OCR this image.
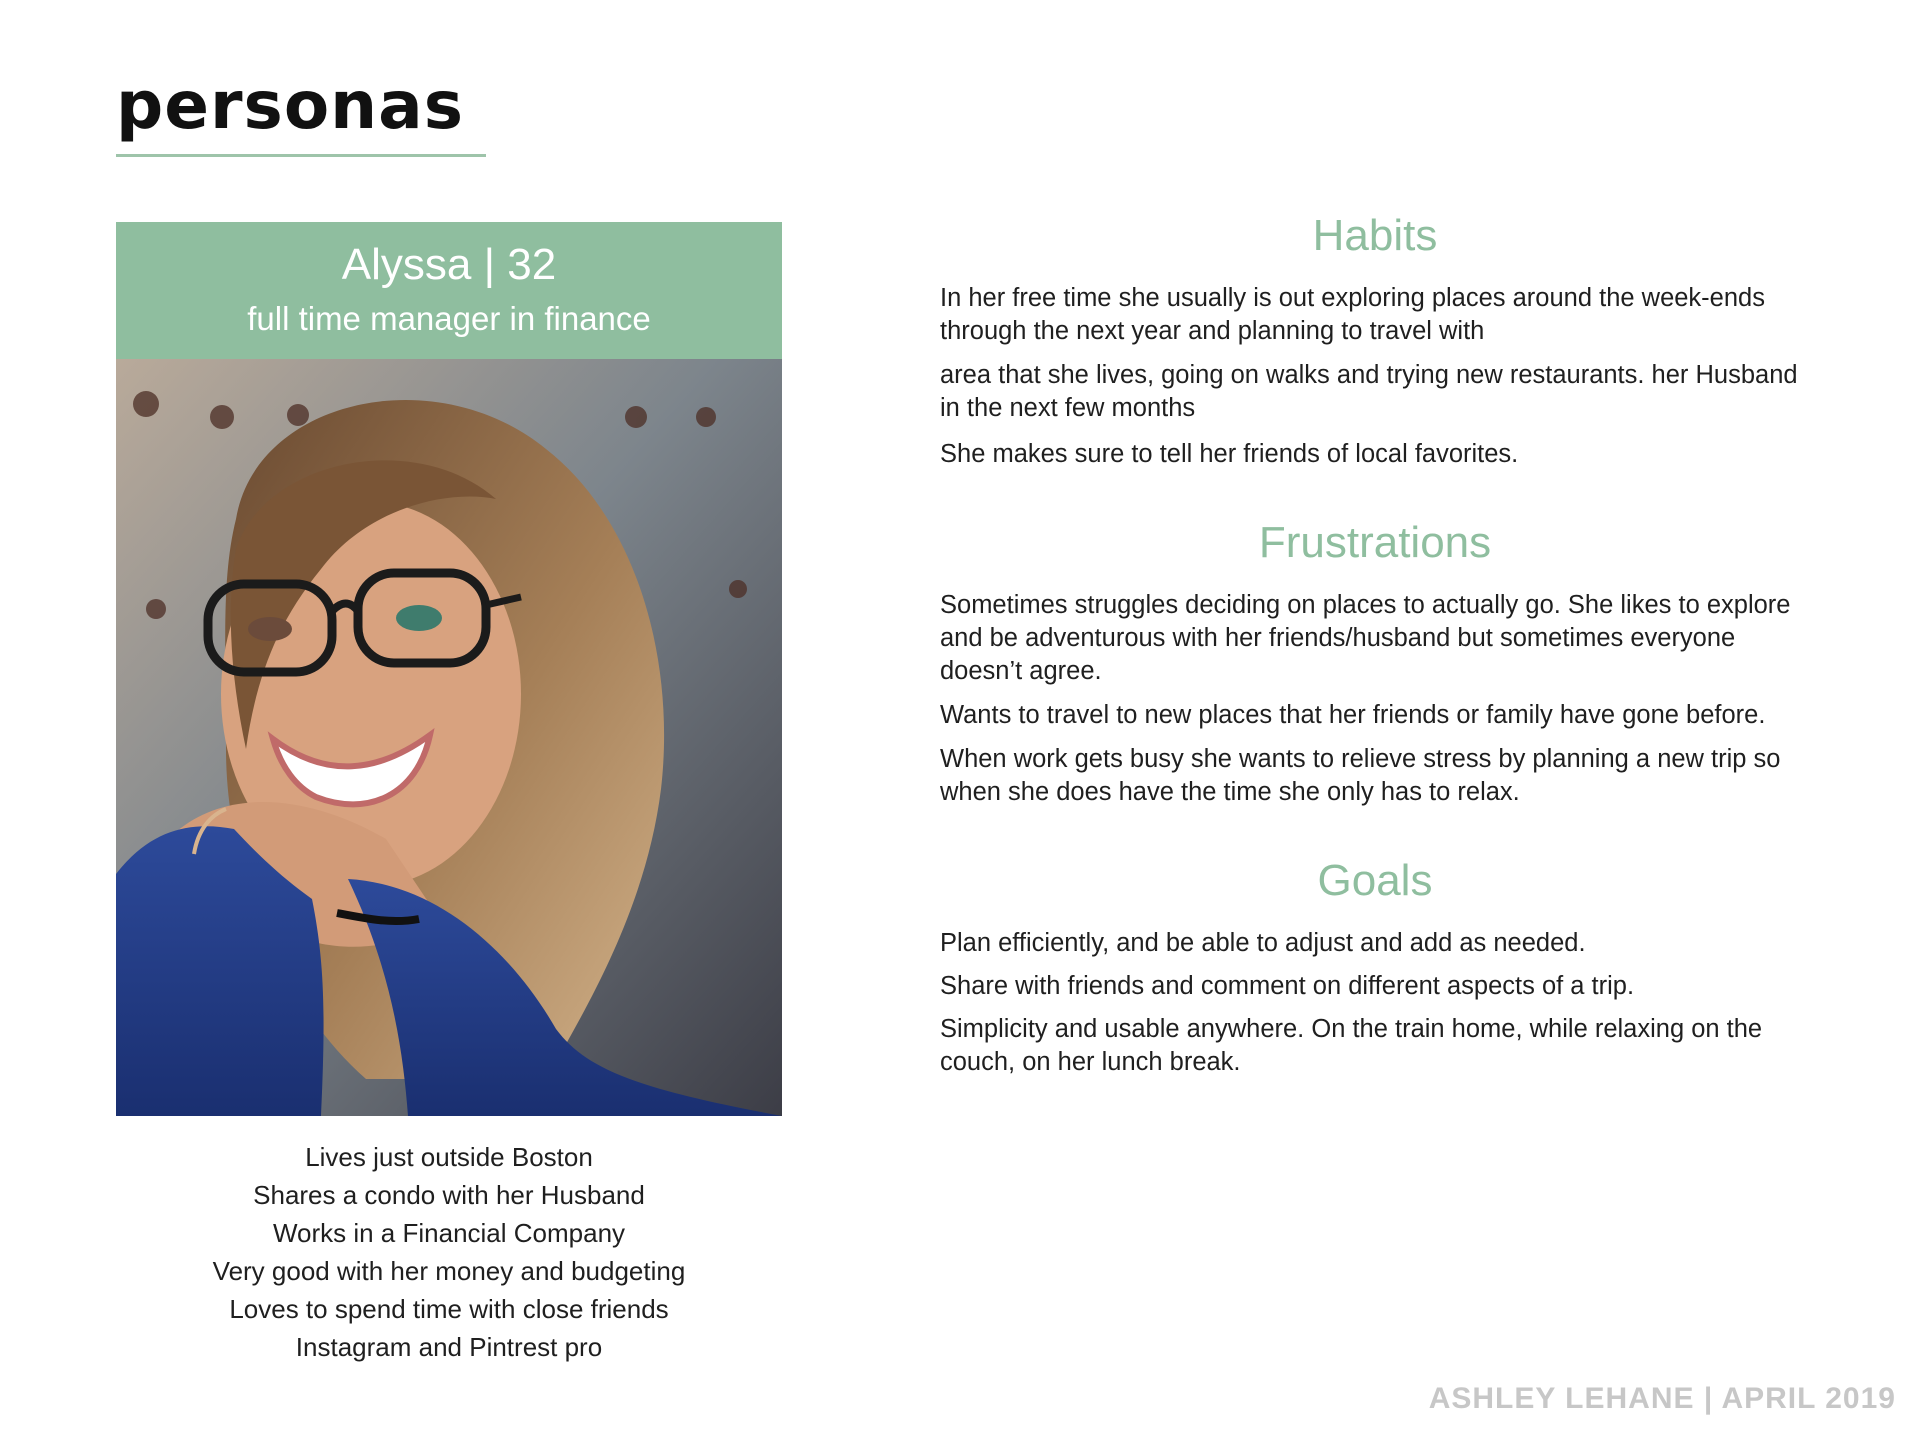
personas
Alyssa | 32
full time manager in finance
Lives just outside Boston
Shares a condo with her Husband
Works in a Financial Company
Very good with her money and budgeting
Loves to spend time with close friends
Instagram and Pintrest pro
Habits

In her free time she usually is out exploring places around the week-ends through the next year and planning to travel with

area that she lives, going on walks and trying new restaurants. her Husband in the next few months

She makes sure to tell her friends of local favorites.

Frustrations

Sometimes struggles deciding on places to actually go. She likes to explore and be adventurous with her friends/husband but sometimes everyone doesn’t agree.

Wants to travel to new places that her friends or family have gone before.

When work gets busy she wants to relieve stress by planning a new trip so when she does have the time she only has to relax.

Goals

Plan efficiently, and be able to adjust and add as needed.

Share with friends and comment on different aspects of a trip.

Simplicity and usable anywhere. On the train home, while relaxing on the couch, on her lunch break.

ASHLEY LEHANE | APRIL 2019
